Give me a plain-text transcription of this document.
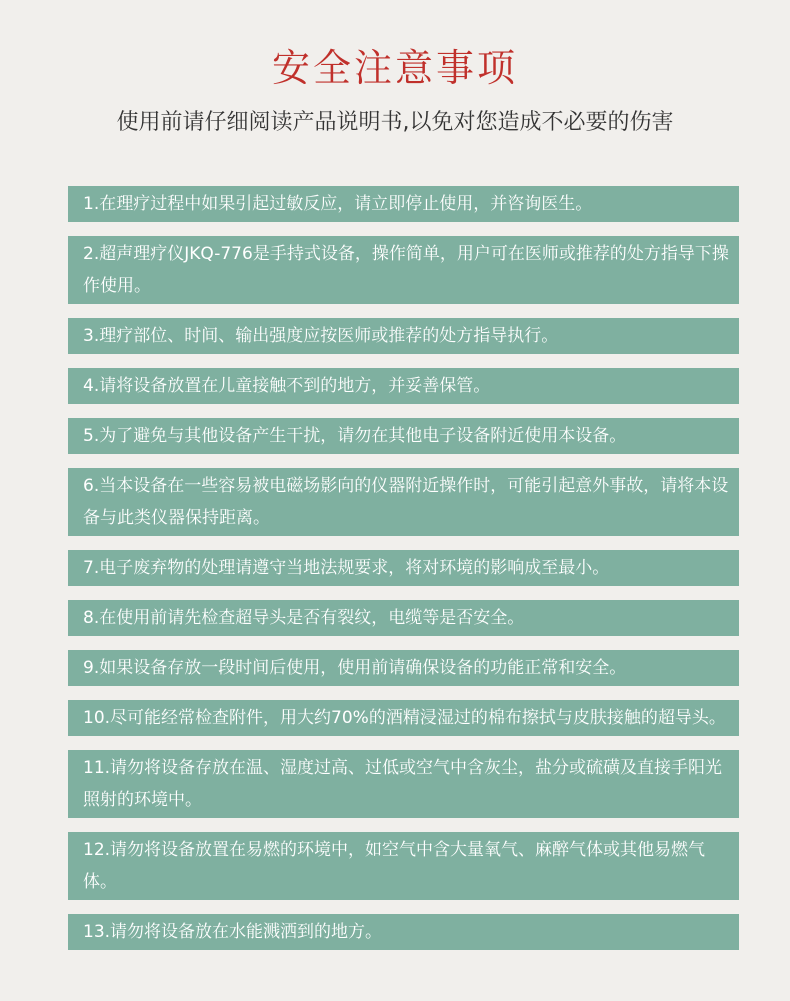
安全注意事项

使用前请仔细阅读产品说明书,以免对您造成不必要的伤害

1.在理疗过程中如果引起过敏反应，请立即停止使用，并咨询医生。
2.超声理疗仪JKQ-776是手持式设备，操作简单，用户可在医师或推荐的处方指导下操作使用。
3.理疗部位、时间、输出强度应按医师或推荐的处方指导执行。
4.请将设备放置在儿童接触不到的地方，并妥善保管。
5.为了避免与其他设备产生干扰，请勿在其他电子设备附近使用本设备。
6.当本设备在一些容易被电磁场影向的仪器附近操作时，可能引起意外事故，请将本设备与此类仪器保持距离。
7.电子废弃物的处理请遵守当地法规要求，将对环境的影响成至最小。
8.在使用前请先检查超导头是否有裂纹，电缆等是否安全。
9.如果设备存放一段时间后使用，使用前请确保设备的功能正常和安全。
10.尽可能经常检查附件，用大约70%的酒精浸湿过的棉布擦拭与皮肤接触的超导头。
11.请勿将设备存放在温、湿度过高、过低或空气中含灰尘，盐分或硫磺及直接手阳光照射的环境中。
12.请勿将设备放置在易燃的环境中，如空气中含大量氧气、麻醉气体或其他易燃气体。
13.请勿将设备放在水能溅洒到的地方。
